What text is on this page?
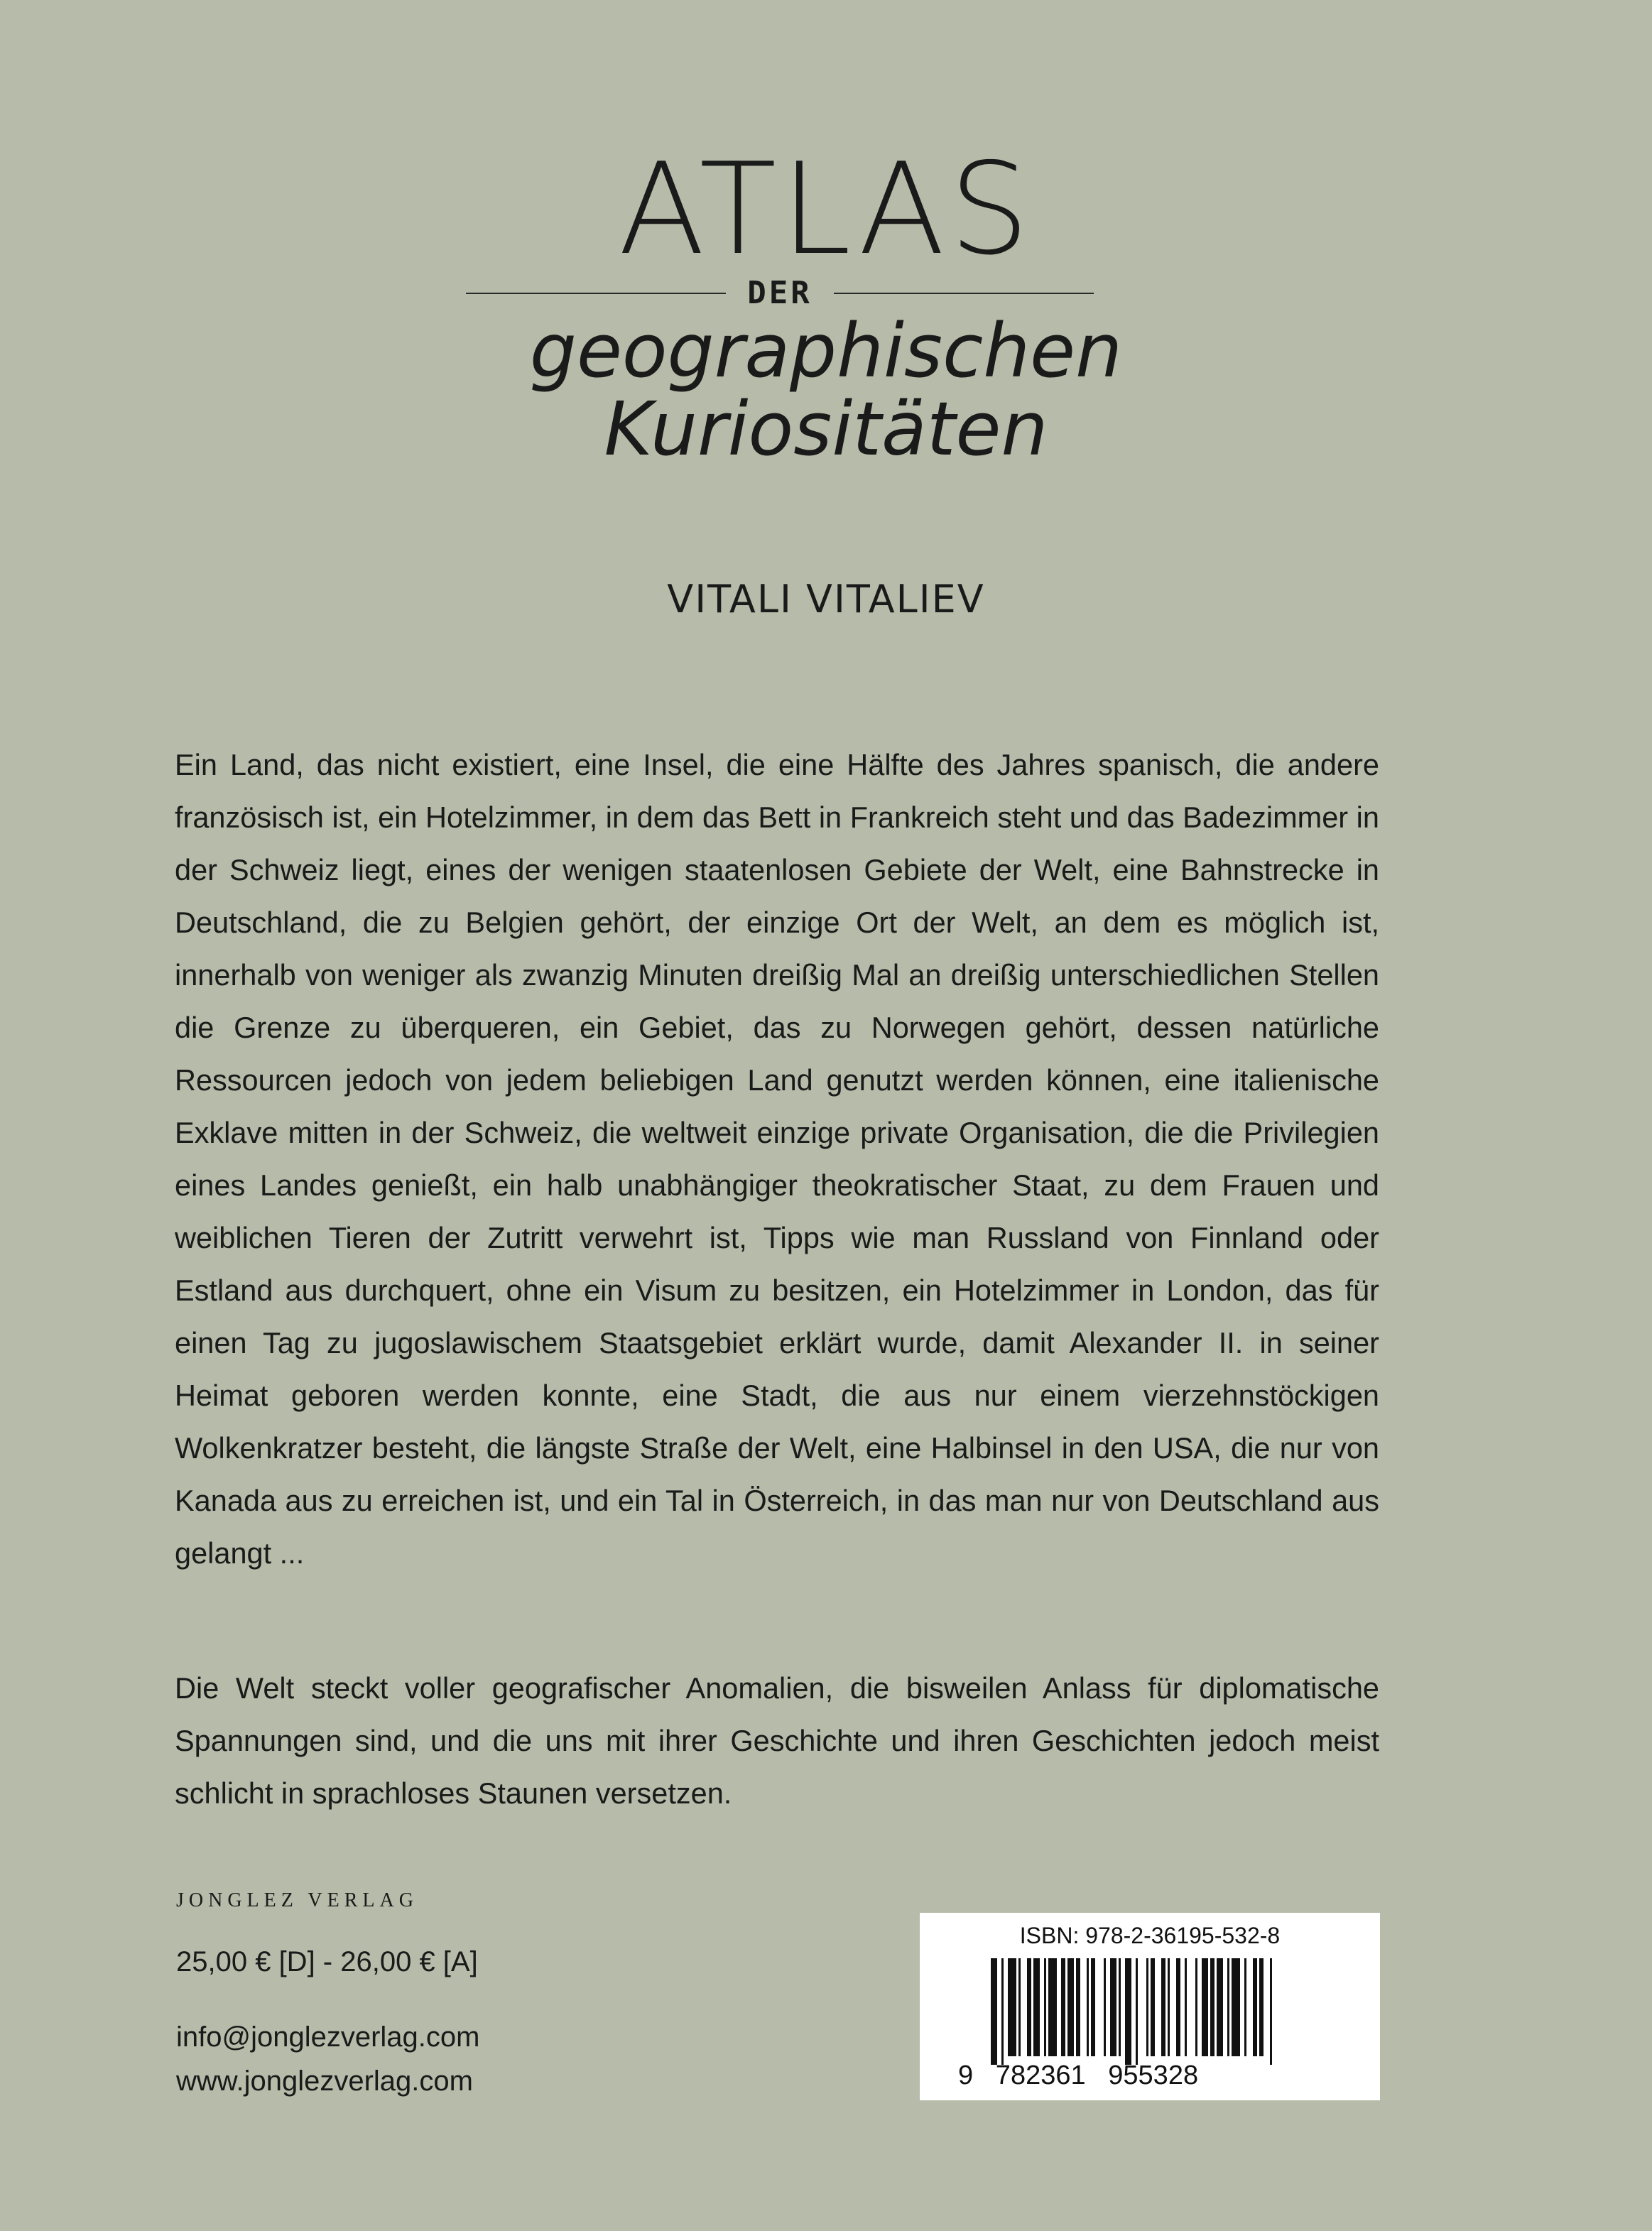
ATLAS
DER
geographischen
Kuriositäten
VITALI VITALIEV

Ein Land, das nicht existiert, eine Insel, die eine Hälfte des Jahres spanisch, die andere französisch ist, ein Hotelzimmer, in dem das Bett in Frankreich steht und das Badezimmer in der Schweiz liegt, eines der wenigen staatenlosen Gebiete der Welt, eine Bahnstrecke in Deutschland, die zu Belgien gehört, der einzige Ort der Welt, an dem es möglich ist, innerhalb von weniger als zwanzig Minuten dreißig Mal an dreißig unterschiedlichen Stellen die Grenze zu überqueren, ein Gebiet, das zu Norwegen gehört, dessen natürliche Ressourcen jedoch von jedem beliebigen Land genutzt werden können, eine italienische Exklave mitten in der Schweiz, die weltweit einzige private Organisation, die die Privilegien eines Landes genießt, ein halb unabhängiger theokratischer Staat, zu dem Frauen und weiblichen Tieren der Zutritt verwehrt ist, Tipps wie man Russland von Finnland oder Estland aus durchquert, ohne ein Visum zu besitzen, ein Hotelzimmer in London, das für einen Tag zu jugoslawischem Staatsgebiet erklärt wurde, damit Alexander II. in seiner Heimat geboren werden konnte, eine Stadt, die aus nur einem vierzehnstöckigen Wolkenkratzer besteht, die längste Straße der Welt, eine Halbinsel in den USA, die nur von Kanada aus zu erreichen ist, und ein Tal in Österreich, in das man nur von Deutschland aus gelangt ...

Die Welt steckt voller geografischer Anomalien, die bisweilen Anlass für diplomatische Spannungen sind, und die uns mit ihrer Geschichte und ihren Geschichten jedoch meist schlicht in sprachloses Staunen versetzen.

JONGLEZ VERLAG
25,00 € [D] - 26,00 € [A]
info@jonglezverlag.com
www.jonglezverlag.com
ISBN: 978-2-36195-532-8
9   782361   955328
